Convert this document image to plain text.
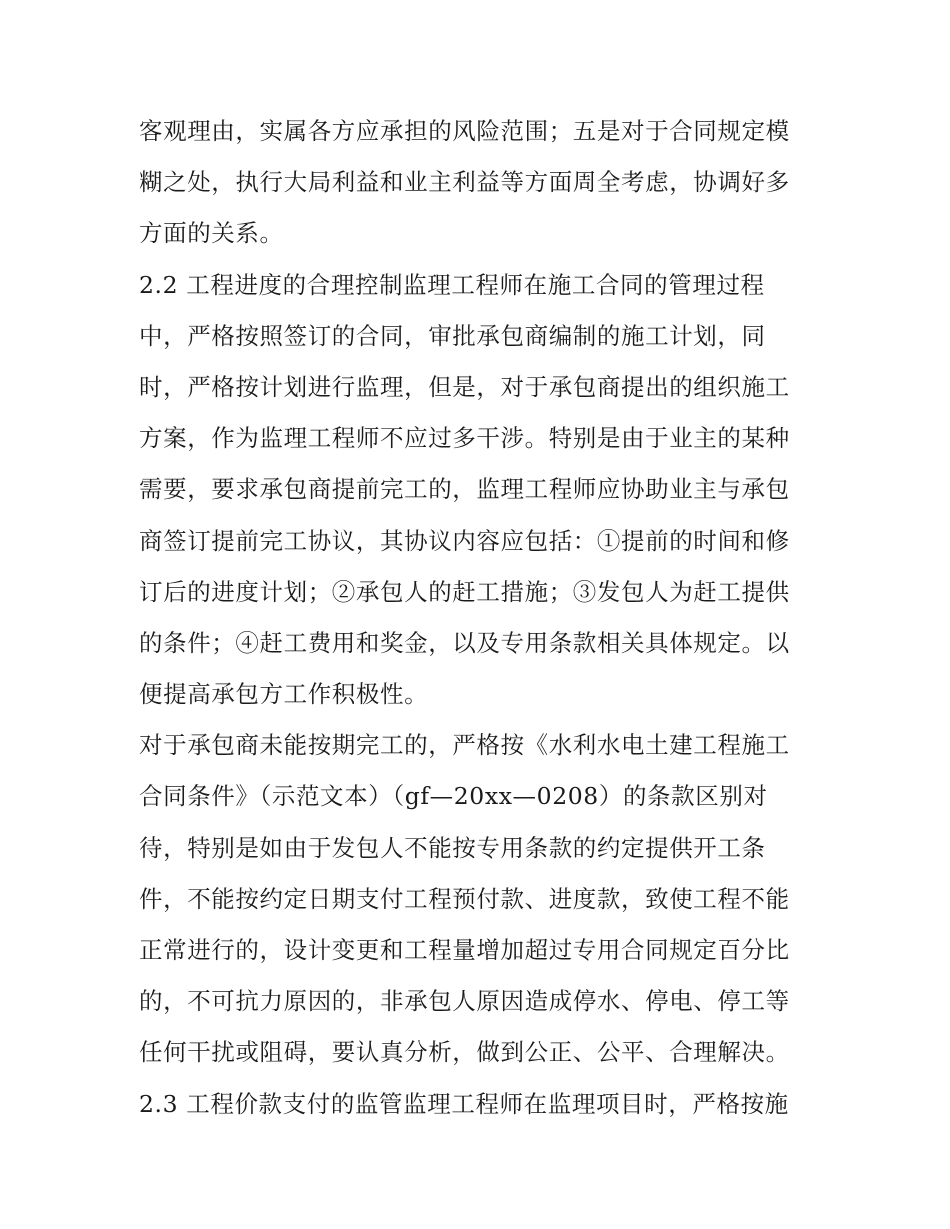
客观理由，实属各方应承担的风险范围；五是对于合同规定模
糊之处，执行大局利益和业主利益等方面周全考虑，协调好多
方面的关系。
2.2 工程进度的合理控制监理工程师在施工合同的管理过程
中，严格按照签订的合同，审批承包商编制的施工计划，同
时，严格按计划进行监理，但是，对于承包商提出的组织施工
方案，作为监理工程师不应过多干涉。特别是由于业主的某种
需要，要求承包商提前完工的，监理工程师应协助业主与承包
商签订提前完工协议，其协议内容应包括：①提前的时间和修
订后的进度计划；②承包人的赶工措施；③发包人为赶工提供
的条件；④赶工费用和奖金，以及专用条款相关具体规定。以
便提高承包方工作积极性。
对于承包商未能按期完工的，严格按《水利水电土建工程施工
合同条件》（示范文本）（gf—20xx—0208）的条款区别对
待，特别是如由于发包人不能按专用条款的约定提供开工条
件，不能按约定日期支付工程预付款、进度款，致使工程不能
正常进行的，设计变更和工程量增加超过专用合同规定百分比
的，不可抗力原因的，非承包人原因造成停水、停电、停工等
任何干扰或阻碍，要认真分析，做到公正、公平、合理解决。
2.3 工程价款支付的监管监理工程师在监理项目时，严格按施
